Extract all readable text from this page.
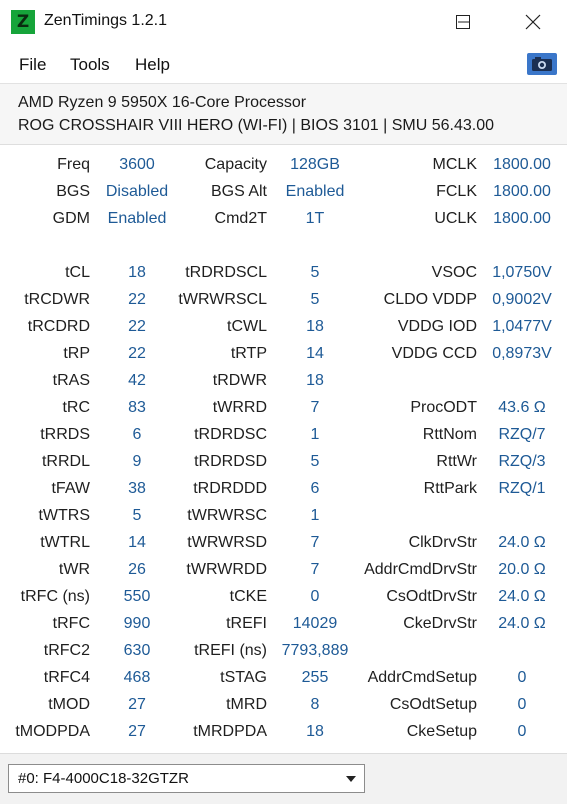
Z ZenTimings 1.2.1
File Tools Help
AMD Ryzen 9 5950X 16-Core Processor
ROG CROSSHAIR VIII HERO (WI-FI) | BIOS 3101 | SMU 56.43.00
Freq	3600	Capacity	128GB	MCLK	1800.00
BGS Disabled	BGS Alt	Enabled	FCLK	1800.00
GDM	Enabled	Cmd2T	1T	UCLK	1800.00
tCL	18	tRDRDSCL	5	VSOC 1,0750V
tRCDWR	22	tWRWRSCL	5	CLDO VDDP 0,9002V
tRCDRD	22	tCWL	18	VDDG IOD 1,0477V
tRP	22	tRTP	14	VDDG CCD 0,8973V
tRAS	42	tRDWR	18
tRC	83	tWRRD	7	ProcODT	43.6 Ω
tRRDS	6	tRDRDSC	1	RttNom	RZQ/7
tRRDL	9	tRDRDSD	5	RttWr	RZQ/3
tFAW	38	tRDRDDD	6	RttPark	RZQ/1
tWTRS	5	tWRWRSC	1
tWTRL	14	tWRWRSD	7	ClkDrvStr	24.0 Ω
tWR	26	tWRWRDD	7	AddrCmdDrvStr	20.0 Ω
tRFC (ns)	550	tCKE	0	CsOdtDrvStr	24.0 Ω
tRFC	990	tREFI	14029	CkeDrvStr	24.0 Ω
tRFC2	630	tREFI (ns) 7793,889
tRFC4	468	tSTAG	255	AddrCmdSetup	0
tMOD	27	tMRD	8	CsOdtSetup	0
tMODPDA	27	tMRDPDA	18	CkeSetup	0
#0: F4-4000C18-32GTZR
